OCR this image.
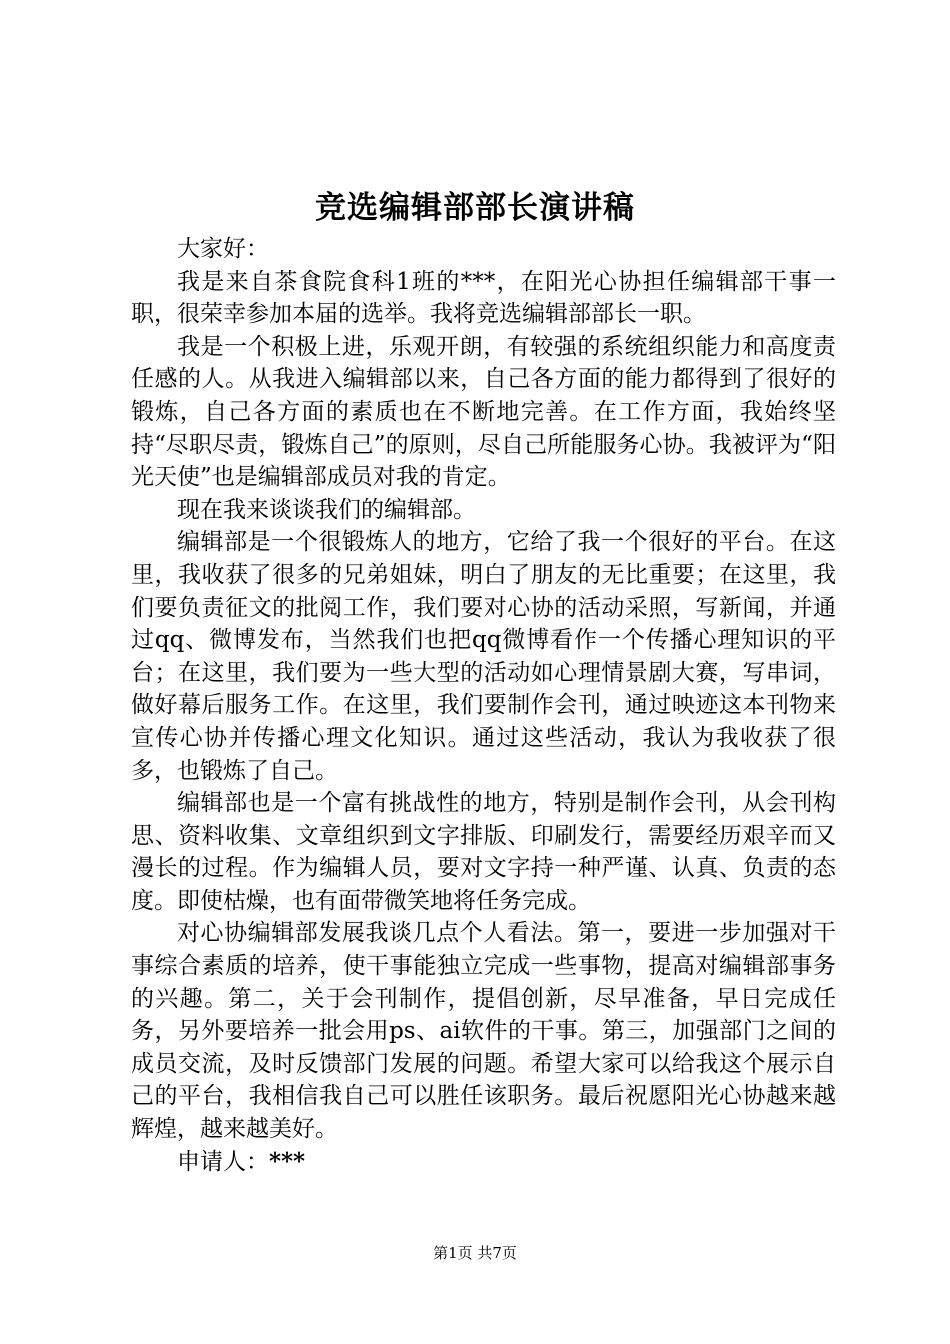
竞选编辑部部长演讲稿

大家好：

我是来自茶食院食科1班的***，在阳光心协担任编辑部干事一职，很荣幸参加本届的选举。我将竞选编辑部部长一职。

我是一个积极上进，乐观开朗，有较强的系统组织能力和高度责任感的人。从我进入编辑部以来，自己各方面的能力都得到了很好的锻炼，自己各方面的素质也在不断地完善。在工作方面，我始终坚持“尽职尽责，锻炼自己”的原则，尽自己所能服务心协。我被评为“阳光天使”也是编辑部成员对我的肯定。

现在我来谈谈我们的编辑部。

编辑部是一个很锻炼人的地方，它给了我一个很好的平台。在这里，我收获了很多的兄弟姐妹，明白了朋友的无比重要；在这里，我们要负责征文的批阅工作，我们要对心协的活动采照，写新闻，并通过qq、微博发布，当然我们也把qq微博看作一个传播心理知识的平台；在这里，我们要为一些大型的活动如心理情景剧大赛，写串词，做好幕后服务工作。在这里，我们要制作会刊，通过映迹这本刊物来宣传心协并传播心理文化知识。通过这些活动，我认为我收获了很多，也锻炼了自己。

编辑部也是一个富有挑战性的地方，特别是制作会刊，从会刊构思、资料收集、文章组织到文字排版、印刷发行，需要经历艰辛而又漫长的过程。作为编辑人员，要对文字持一种严谨、认真、负责的态度。即使枯燥，也有面带微笑地将任务完成。

对心协编辑部发展我谈几点个人看法。第一，要进一步加强对干事综合素质的培养，使干事能独立完成一些事物，提高对编辑部事务的兴趣。第二，关于会刊制作，提倡创新，尽早准备，早日完成任务，另外要培养一批会用ps、ai软件的干事。第三，加强部门之间的成员交流，及时反馈部门发展的问题。希望大家可以给我这个展示自己的平台，我相信我自己可以胜任该职务。最后祝愿阳光心协越来越辉煌，越来越美好。

申请人：***

第1页 共7页
